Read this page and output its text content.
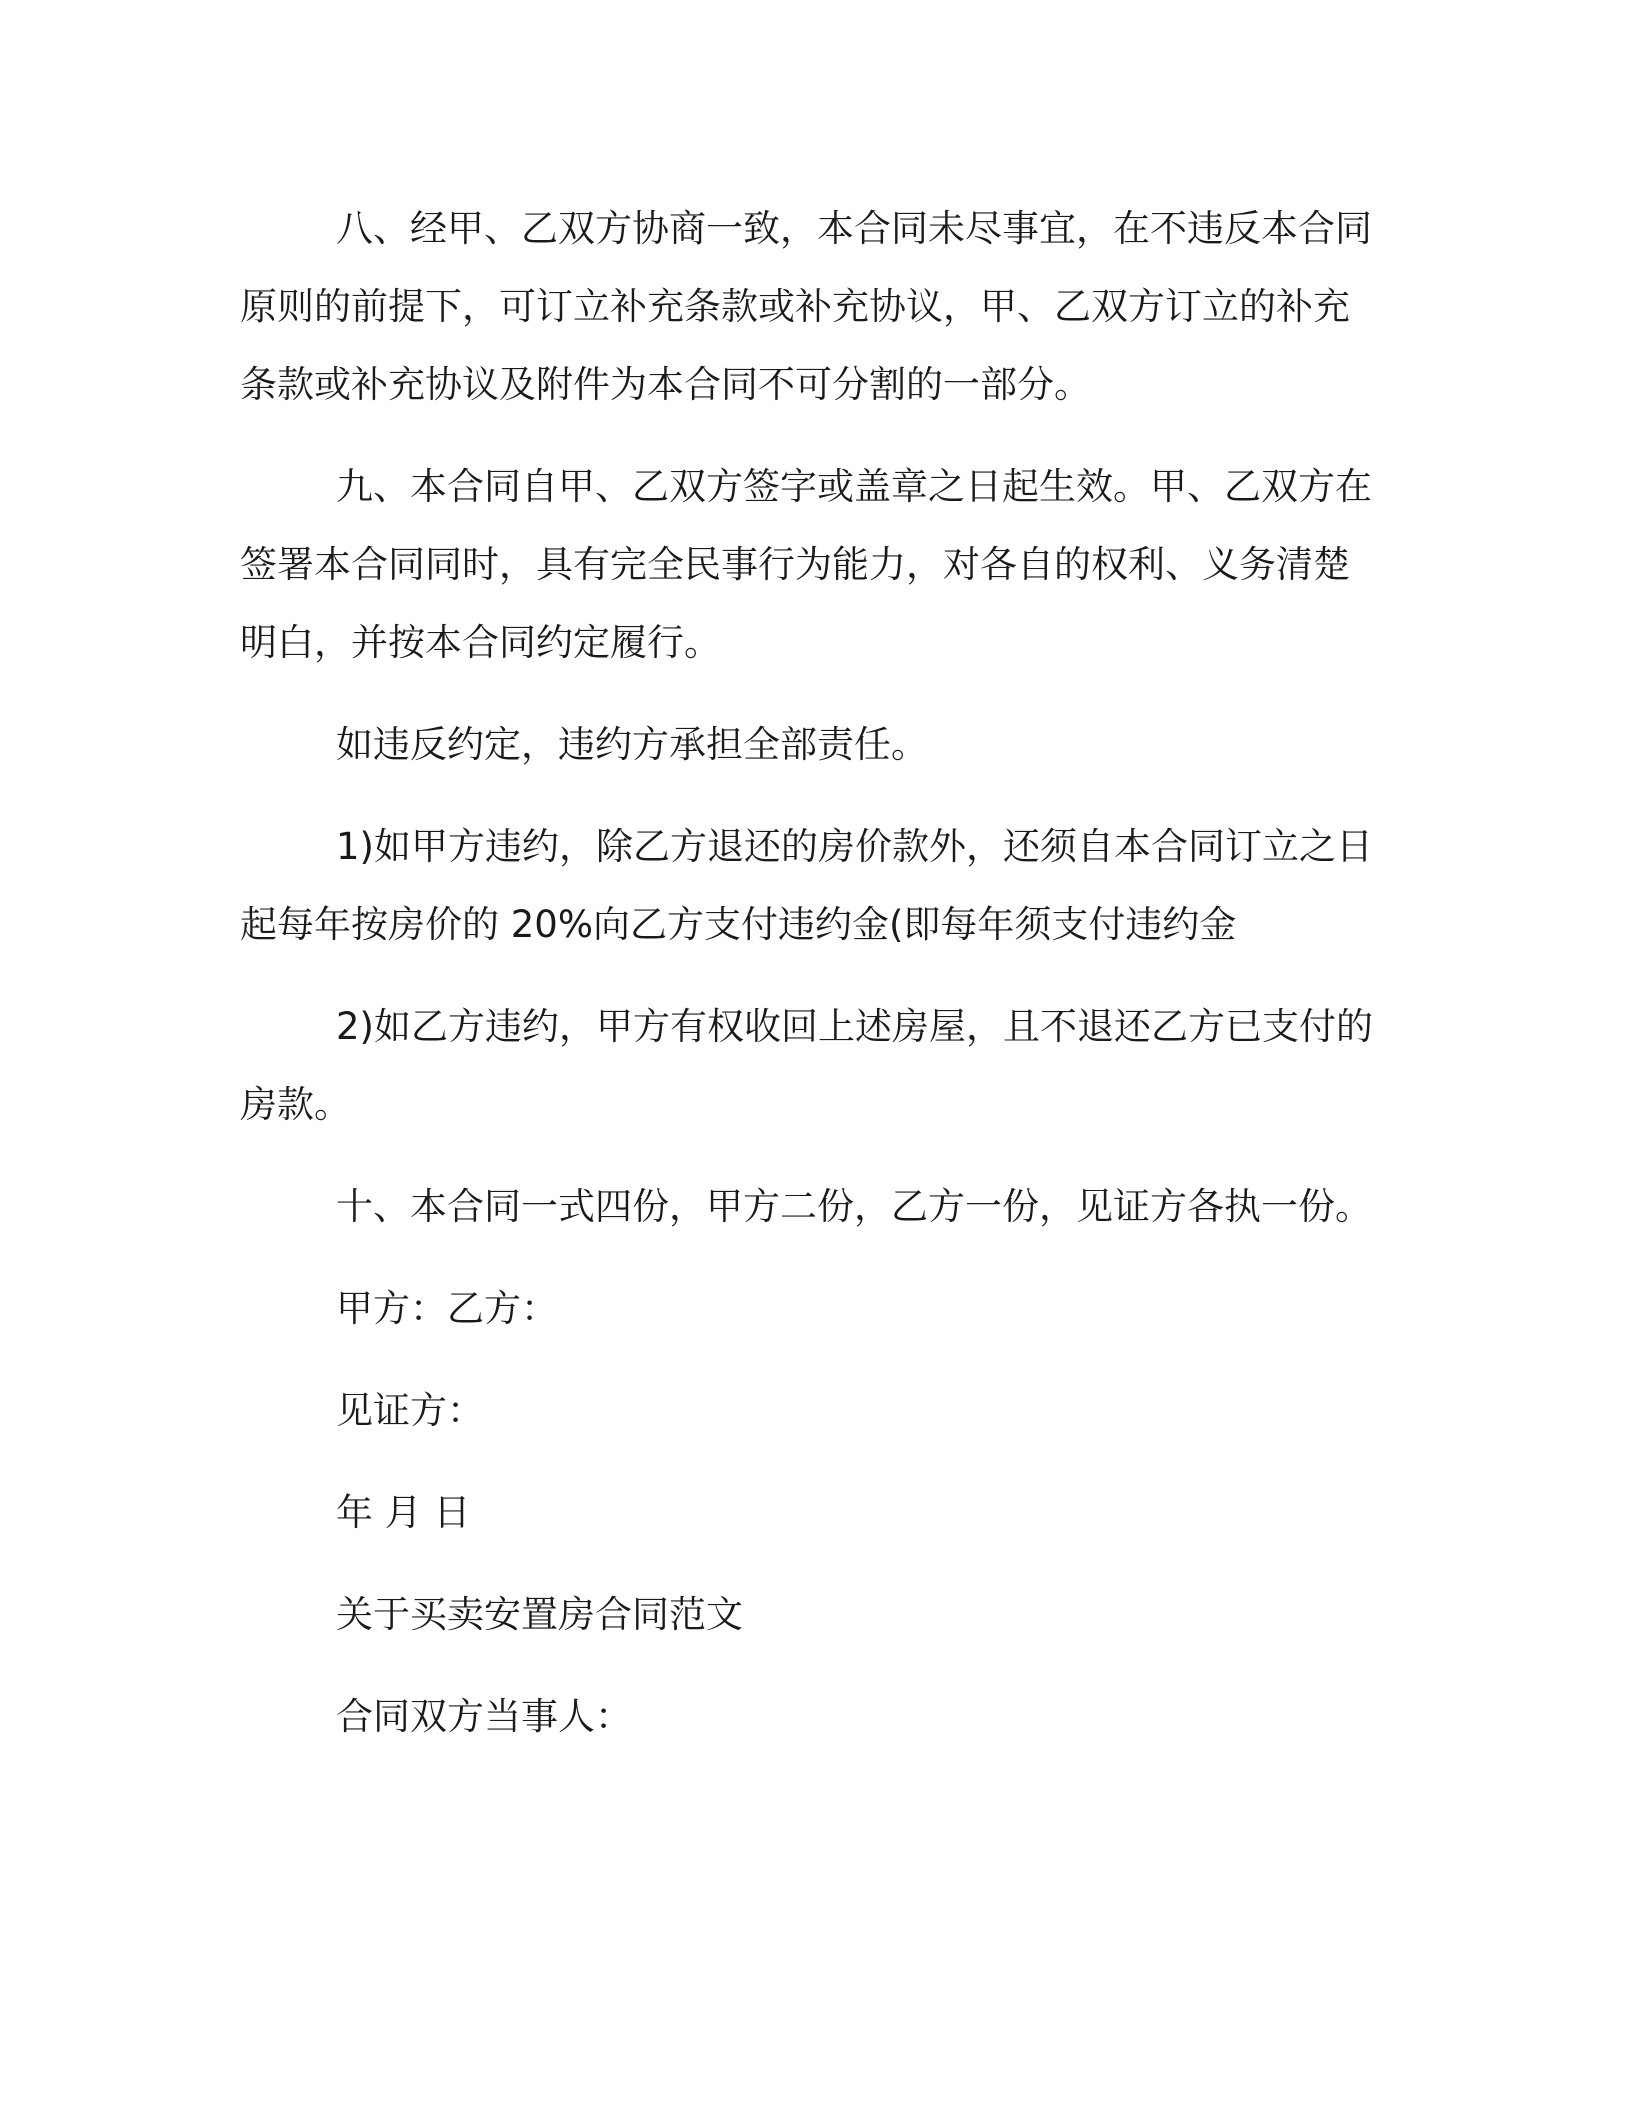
八、经甲、乙双方协商一致，本合同未尽事宜，在不违反本合同
原则的前提下，可订立补充条款或补充协议，甲、乙双方订立的补充
条款或补充协议及附件为本合同不可分割的一部分。

九、本合同自甲、乙双方签字或盖章之日起生效。甲、乙双方在
签署本合同同时，具有完全民事行为能力，对各自的权利、义务清楚
明白，并按本合同约定履行。

如违反约定，违约方承担全部责任。

1)如甲方违约，除乙方退还的房价款外，还须自本合同订立之日
起每年按房价的 20%向乙方支付违约金(即每年须支付违约金

2)如乙方违约，甲方有权收回上述房屋，且不退还乙方已支付的
房款。

十、本合同一式四份，甲方二份，乙方一份，见证方各执一份。

甲方：乙方：

见证方：

年 月 日

关于买卖安置房合同范文

合同双方当事人：
